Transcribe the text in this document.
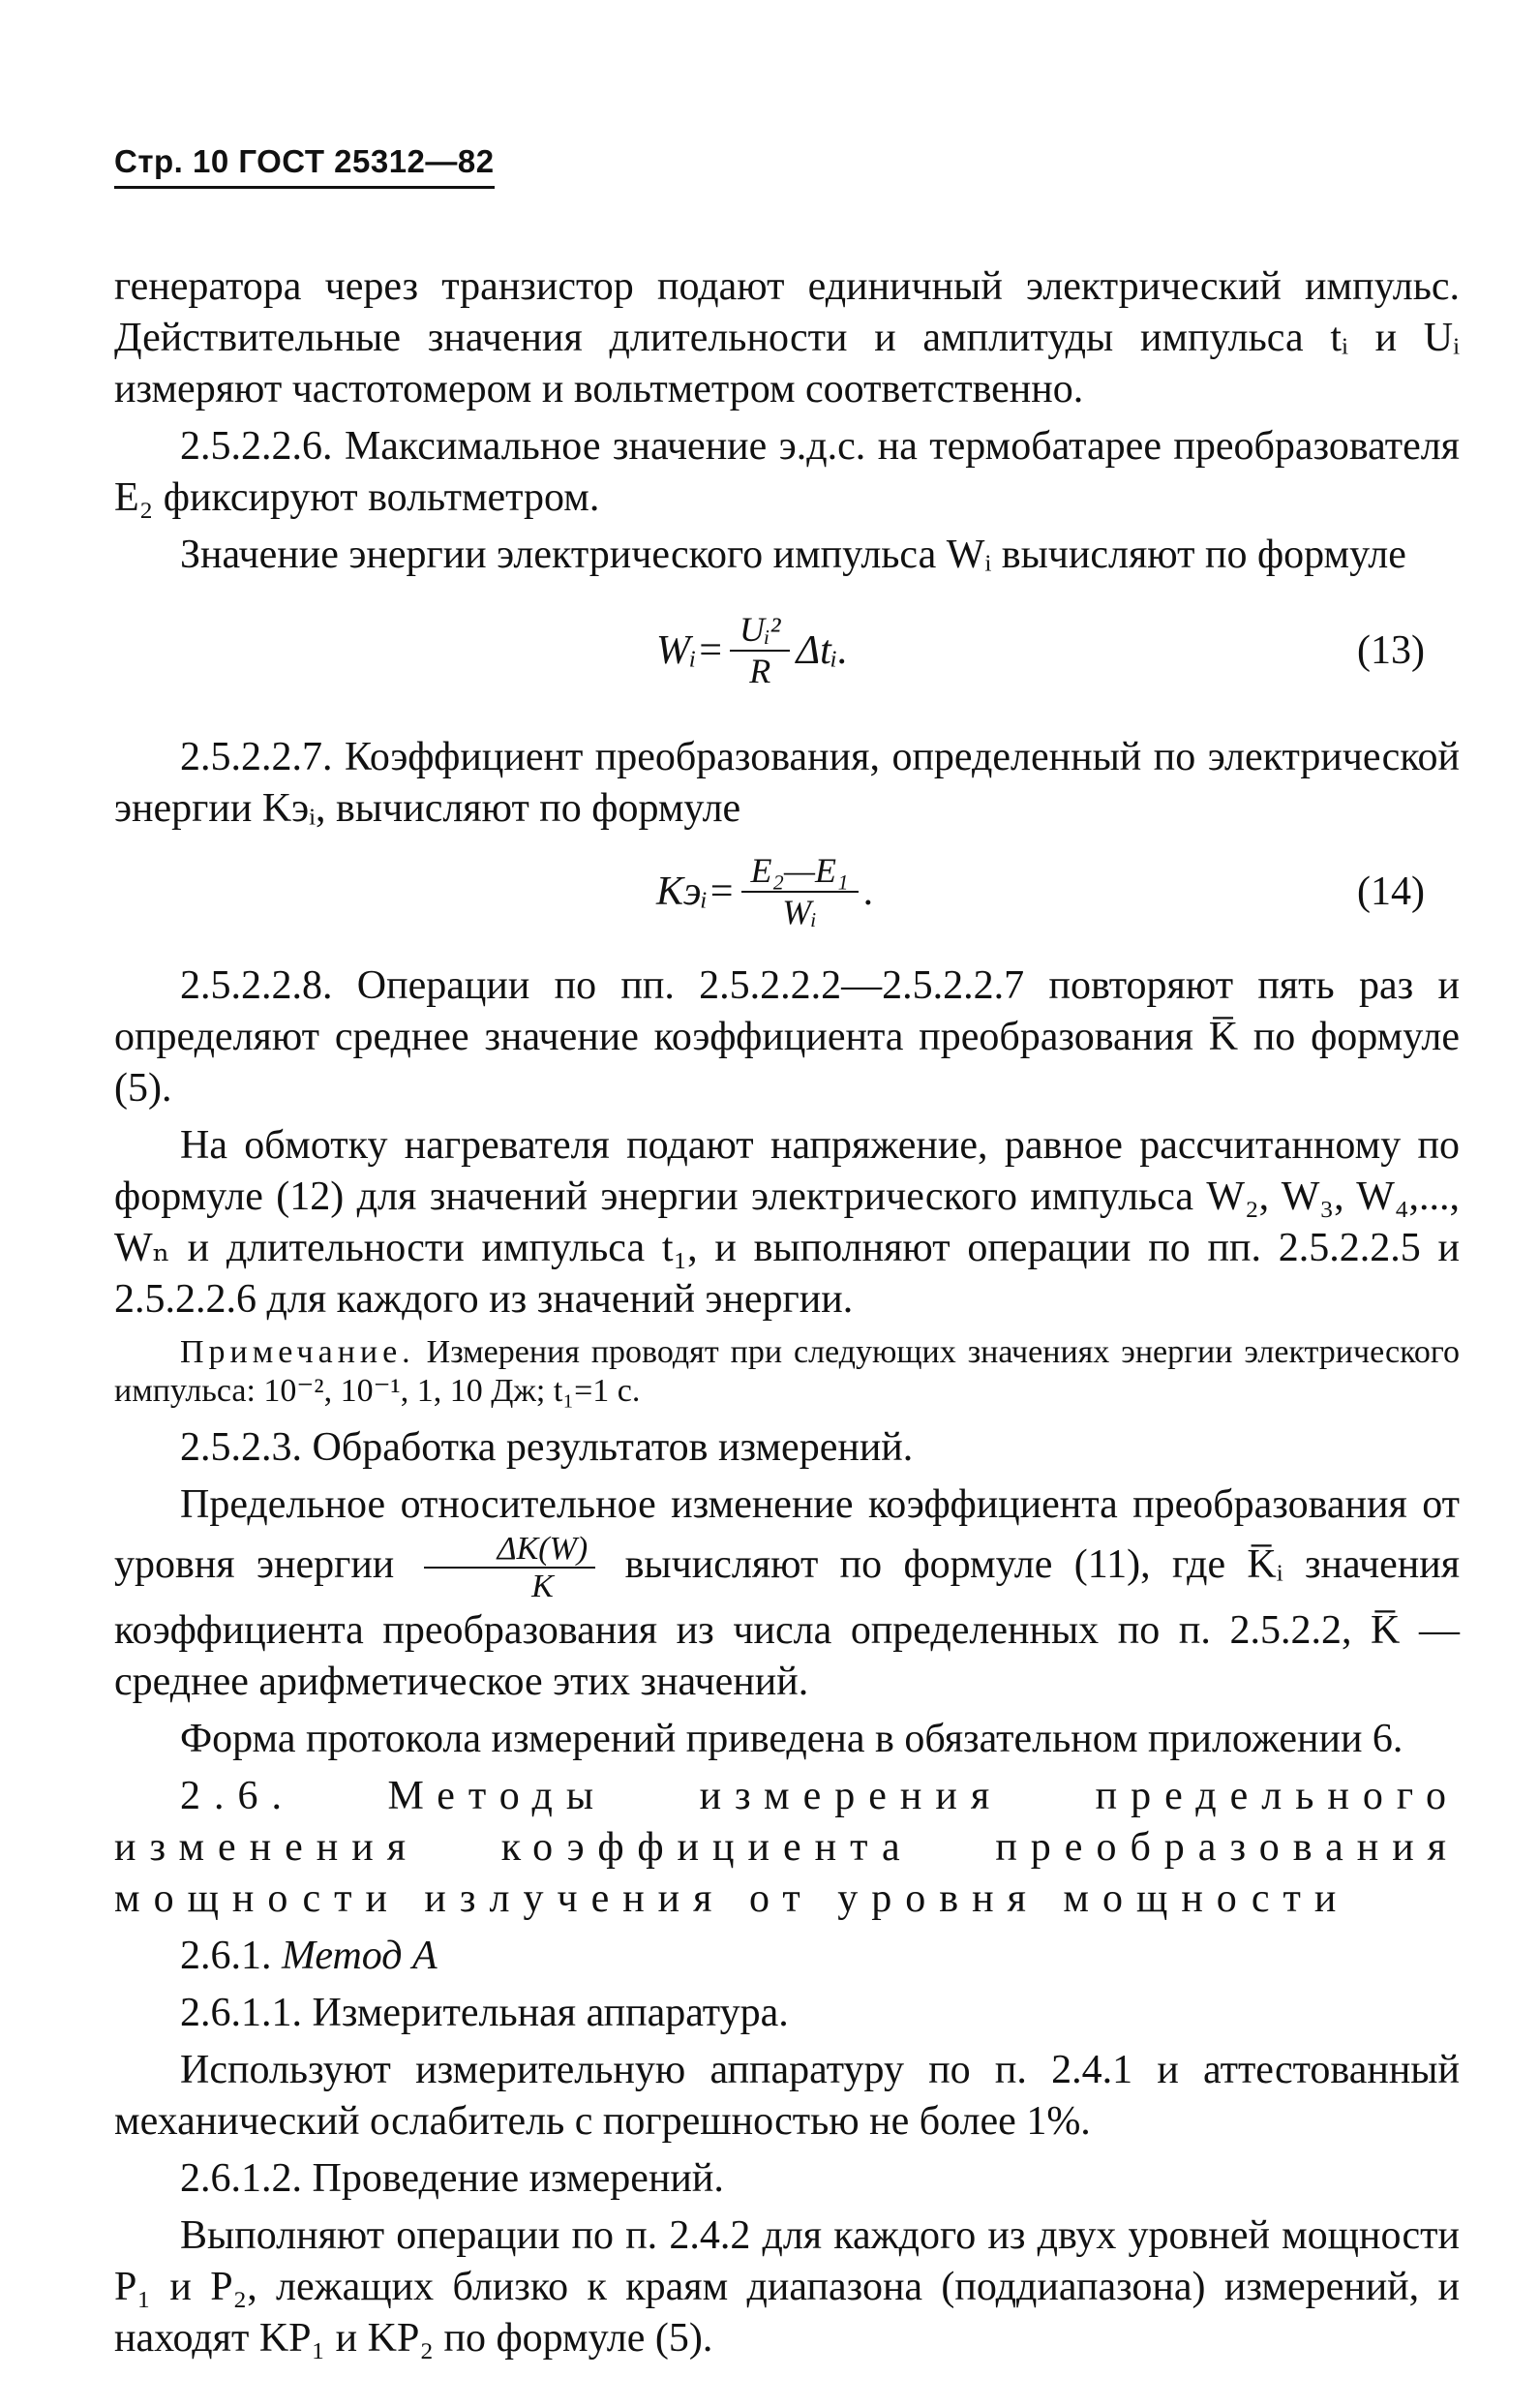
Стр. 10 ГОСТ 25312—82

генератора через транзистор подают единичный электрический импульс. Действительные значения длительности и амплитуды импульса tᵢ и Uᵢ измеряют частотомером и вольтметром соответственно.

2.5.2.2.6. Максимальное значение э.д.с. на термобатарее преобразователя E₂ фиксируют вольтметром.

Значение энергии электрического импульса Wᵢ вычисляют по формуле

Wᵢ= $\frac{\text{Uᵢ²}}{R}$ Δtᵢ.	(13)

2.5.2.2.7. Коэффициент преобразования, определенный по электрической энергии Kэᵢ, вычисляют по формуле

Kэᵢ= $\frac{\text{E₂—E₁}}{\text{Wᵢ}}$ .	(14)

2.5.2.2.8. Операции по пп. 2.5.2.2.2—2.5.2.2.7 повторяют пять раз и определяют среднее значение коэффициента преобразования K̅ по формуле (5).

На обмотку нагревателя подают напряжение, равное рассчитанному по формуле (12) для значений энергии электрического импульса W₂, W₃, W₄,..., Wₙ и длительности импульса t₁, и выполняют операции по пп. 2.5.2.2.5 и 2.5.2.2.6 для каждого из значений энергии.

Примечание. Измерения проводят при следующих значениях энергии электрического импульса: 10⁻², 10⁻¹, 1, 10 Дж; t₁=1 с.

2.5.2.3. Обработка результатов измерений.

Предельное относительное изменение коэффициента преобразования от уровня энергии $\frac{\Delta K(W)}{K}$ вычисляют по формуле (11), где K̅ᵢ значения коэффициента преобразования из числа определенных по п. 2.5.2.2, K̅ — среднее арифметическое этих значений.

Форма протокола измерений приведена в обязательном приложении 6.

2.6. Методы измерения предельного изменения коэффициента преобразования мощности излучения от уровня мощности

2.6.1. Метод А

2.6.1.1. Измерительная аппаратура.

Используют измерительную аппаратуру по п. 2.4.1 и аттестованный механический ослабитель с погрешностью не более 1%.

2.6.1.2. Проведение измерений.

Выполняют операции по п. 2.4.2 для каждого из двух уровней мощности P₁ и P₂, лежащих близко к краям диапазона (поддиапазона) измерений, и находят KP₁ и KP₂ по формуле (5).
